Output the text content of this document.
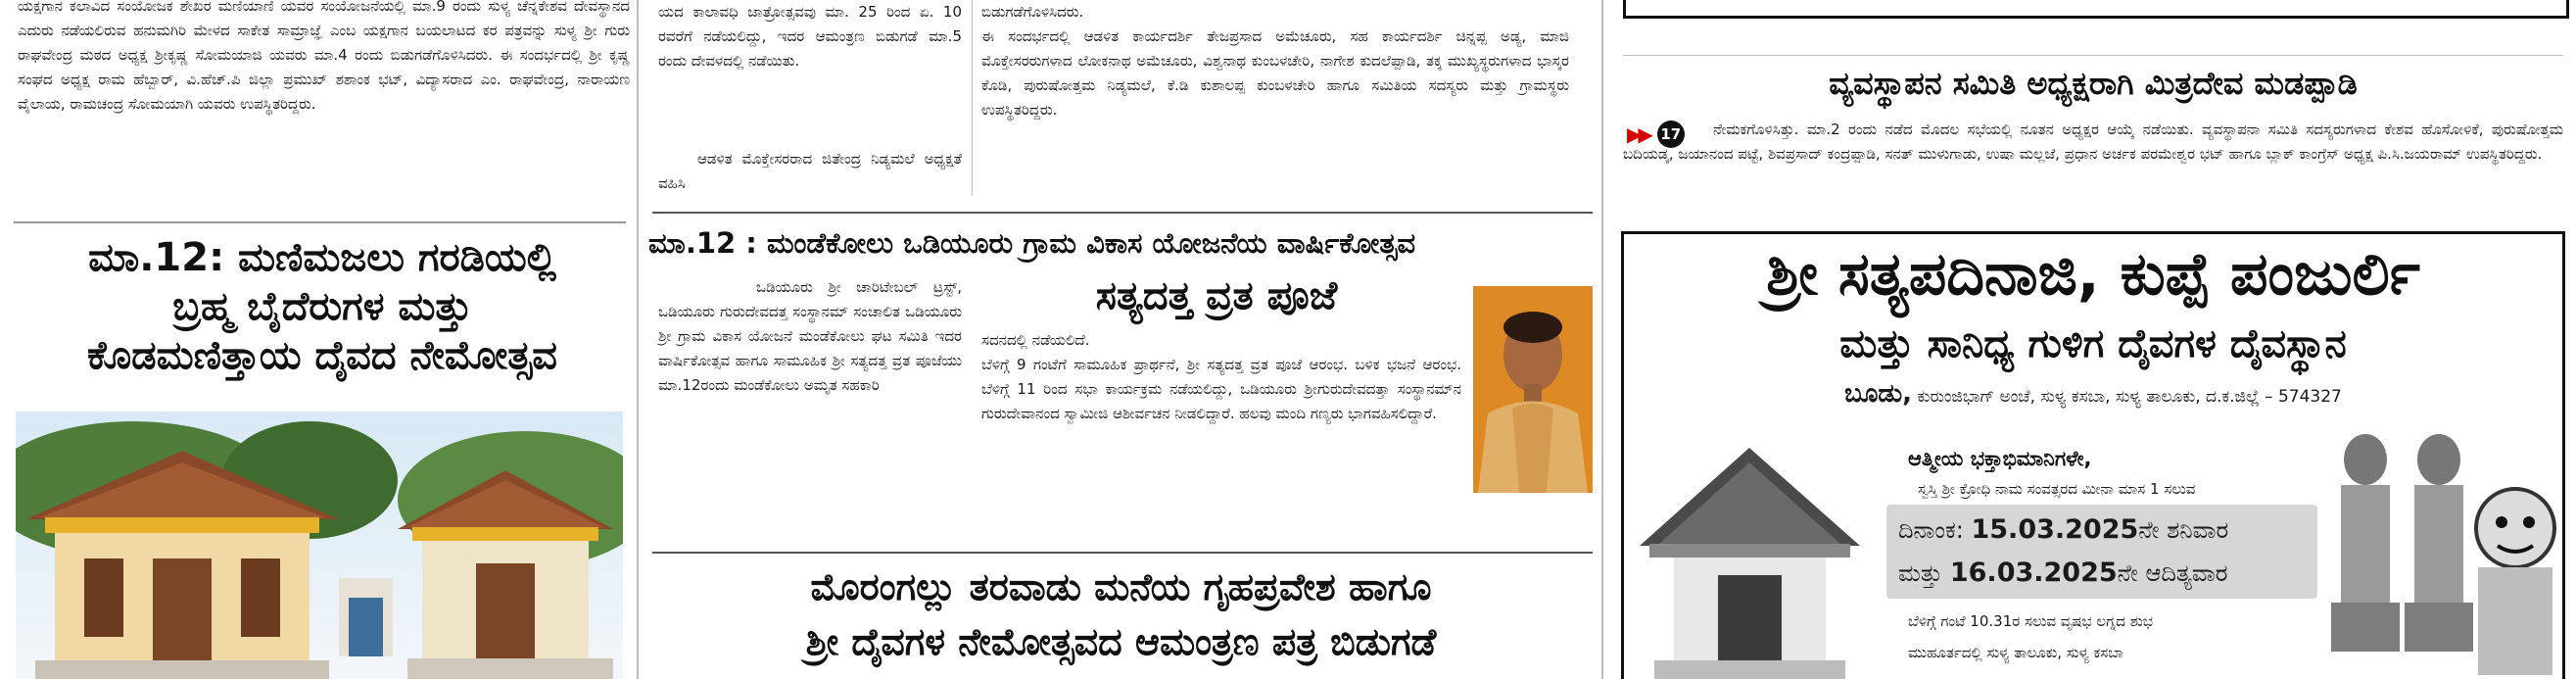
ಯಕ್ಷಗಾನ ಕಲಾವಿದ ಸಂಯೋಜಕ ಶೇಖರ ಮಣಿಯಾಣಿ ಯವರ ಸಂಯೋಜನೆಯಲ್ಲಿ ಮಾ.9 ರಂದು ಸುಳ್ಯ ಚೆನ್ನಕೇಶವ ದೇವಸ್ಥಾನದ ಎದುರು ನಡೆಯಲಿರುವ ಹನುಮಗಿರಿ ಮೇಳದ ಸಾಕೇತ ಸಾಮ್ರಾಜ್ಞೆ ಎಂಬ ಯಕ್ಷಗಾನ ಬಯಲಾಟದ ಕರ ಪತ್ರವನ್ನು ಸುಳ್ಯ ಶ್ರೀ ಗುರು ರಾಘವೇಂದ್ರ ಮಠದ ಅಧ್ಯಕ್ಷ ಶ್ರೀಕೃಷ್ಣ ಸೋಮಯಾಜಿ ಯವರು ಮಾ.4 ರಂದು ಬಿಡುಗಡೆಗೊಳಿಸಿದರು. ಈ ಸಂದರ್ಭದಲ್ಲಿ ಶ್ರೀ ಕೃಷ್ಣ ಸಂಘದ ಅಧ್ಯಕ್ಷ ರಾಮ ಹೆಬ್ಬಾರ್, ವಿ.ಹೆಚ್.ಪಿ ಜಿಲ್ಲಾ ಪ್ರಮುಖ್ ಶಶಾಂಕ ಭಟ್, ವಿದ್ಯಾಸರಾದ ಎಂ. ರಾಘವೇಂದ್ರ, ನಾರಾಯಣ ವೈಲಾಯ, ರಾಮಚಂದ್ರ ಸೋಮಯಾಗಿ ಯವರು ಉಪಸ್ಥಿತರಿದ್ದರು.

ಮಾ.12: ಮಣಿಮಜಲು ಗರಡಿಯಲ್ಲಿ

ಬ್ರಹ್ಮ ಬೈದೆರುಗಳ ಮತ್ತು

ಕೊಡಮಣಿತ್ತಾಯ ದೈವದ ನೇಮೋತ್ಸವ

ಯದ ಕಾಲಾವಧಿ ಜಾತ್ರೋತ್ಸವವು ಮಾ. 25 ರಿಂದ ಏ. 10 ರವರೆಗೆ ನಡೆಯಲಿದ್ದು, ಇದರ ಆಮಂತ್ರಣ ಬಿಡುಗಡೆ ಮಾ.5 ರಂದು ದೇವಳದಲ್ಲಿ ನಡೆಯಿತು.

ಆಡಳಿತ ಮೊಕ್ತೇಸರರಾದ ಜಿತೇಂದ್ರ ನಿಡ್ಯಮಲೆ ಅಧ್ಯಕ್ಷತೆ ವಹಿಸಿ

ಬಿಡುಗಡೆಗೊಳಿಸಿದರು.
ಈ ಸಂದರ್ಭದಲ್ಲಿ ಆಡಳಿತ ಕಾರ್ಯದರ್ಶಿ ತೇಜಪ್ರಸಾದ ಅಮೆಚೂರು, ಸಹ ಕಾರ್ಯದರ್ಶಿ ಚಿನ್ನಪ್ಪ ಅಡ್ಯ, ಮಾಜಿ ಮೊಕ್ತೇಸರರುಗಳಾದ ಲೋಕನಾಥ ಅಮೆಚೂರು, ವಿಶ್ವನಾಥ ಕುಂಬಳಚೇರಿ, ನಾಗೇಶ ಕುದಲೆಪ್ಪಾಡಿ, ತಕ್ಕ ಮುಖ್ಯಸ್ಥರುಗಳಾದ ಭಾಸ್ಕರ ಕೊಡಿ, ಪುರುಷೋತ್ತಮ ನಿಡ್ಯಮಲೆ, ಕೆ.ಡಿ ಕುಶಾಲಪ್ಪ ಕುಂಬಳಚೇರಿ ಹಾಗೂ ಸಮಿತಿಯ ಸದಸ್ಯರು ಮತ್ತು ಗ್ರಾಮಸ್ಥರು ಉಪಸ್ಥಿತರಿದ್ದರು.

ಮಾ.12 : ಮಂಡೆಕೋಲು ಒಡಿಯೂರು ಗ್ರಾಮ ವಿಕಾಸ ಯೋಜನೆಯ ವಾರ್ಷಿಕೋತ್ಸವ

ಸತ್ಯದತ್ತ ವ್ರತ ಪೂಜೆ

ಒಡಿಯೂರು ಶ್ರೀ ಚಾರಿಟೇಬಲ್ ಟ್ರಸ್ಟ್, ಒಡಿಯೂರು ಗುರುದೇವದತ್ತ ಸಂಸ್ಥಾನಮ್ ಸಂಚಾಲಿತ ಒಡಿಯೂರು ಶ್ರೀ ಗ್ರಾಮ ವಿಕಾಸ ಯೋಜನೆ ಮಂಡೆಕೋಲು ಘಟ ಸಮಿತಿ ಇದರ ವಾರ್ಷಿಕೋತ್ಸವ ಹಾಗೂ ಸಾಮೂಹಿಕ ಶ್ರೀ ಸತ್ಯದತ್ತ ವ್ರತ ಪೂಜೆಯು ಮಾ.12ರಂದು ಮಂಡೆಕೋಲು ಅಮೃತ ಸಹಕಾರಿ

ಸದನದಲ್ಲಿ ನಡೆಯಲಿದೆ.
ಬೆಳಿಗ್ಗೆ 9 ಗಂಟೆಗೆ ಸಾಮೂಹಿಕ ಪ್ರಾರ್ಥನೆ, ಶ್ರೀ ಸತ್ಯದತ್ತ ವ್ರತ ಪೂಜೆ ಆರಂಭ. ಬಳಿಕ ಭಜನೆ ಆರಂಭ. ಬೆಳಿಗ್ಗೆ 11 ರಿಂದ ಸಭಾ ಕಾರ್ಯಕ್ರಮ ನಡೆಯಲಿದ್ದು, ಒಡಿಯೂರು ಶ್ರೀಗುರುದೇವದತ್ತಾ ಸಂಸ್ಥಾನಮ್‌ನ ಗುರುದೇವಾನಂದ ಸ್ವಾಮೀಜಿ ಆಶೀರ್ವಚನ ನೀಡಲಿದ್ದಾರೆ. ಹಲವು ಮಂದಿ ಗಣ್ಯರು ಭಾಗವಹಿಸಲಿದ್ದಾರೆ.

ಮೊರಂಗಲ್ಲು ತರವಾಡು ಮನೆಯ ಗೃಹಪ್ರವೇಶ ಹಾಗೂ

ಶ್ರೀ ದೈವಗಳ ನೇಮೋತ್ಸವದ ಆಮಂತ್ರಣ ಪತ್ರ ಬಿಡುಗಡೆ

ವ್ಯವಸ್ಥಾಪನ ಸಮಿತಿ ಅಧ್ಯಕ್ಷರಾಗಿ ಮಿತ್ರದೇವ ಮಡಪ್ಪಾಡಿ

▶▶ 17	ನೇಮಕಗೊಳಿಸಿತ್ತು. ಮಾ.2 ರಂದು ನಡೆದ ಮೊದಲ ಸಭೆಯಲ್ಲಿ ನೂತನ ಅಧ್ಯಕ್ಷರ ಆಯ್ಕೆ ನಡೆಯಿತು. ವ್ಯವಸ್ಥಾಪನಾ ಸಮಿತಿ ಸದಸ್ಯರುಗಳಾದ ಕೇಶವ ಹೊಸೋಳಿಕೆ, ಪುರುಷೋತ್ತಮ ಬದಿಯಡ್ಕ, ಜಯಾನಂದ ಪಟ್ಟೆ, ಶಿವಪ್ರಸಾದ್ ಕಂದ್ರಪ್ಪಾಡಿ, ಸನತ್ ಮುಳುಗಾಡು, ಉಷಾ ಮಲ್ಲಜೆ, ಪ್ರಧಾನ ಅರ್ಚಕ ಪರಮೇಶ್ವರ ಭಟ್ ಹಾಗೂ ಬ್ಲಾಕ್ ಕಾಂಗ್ರೆಸ್ ಅಧ್ಯಕ್ಷ ಪಿ.ಸಿ.ಜಯರಾಮ್ ಉಪಸ್ಥಿತರಿದ್ದರು.

ಶ್ರೀ ಸತ್ಯಪದಿನಾಜಿ, ಕುಪ್ಪೆ ಪಂಜುರ್ಲಿ

ಮತ್ತು ಸಾನಿಧ್ಯ ಗುಳಿಗ ದೈವಗಳ ದೈವಸ್ಥಾನ

ಬೂಡು, ಕುರುಂಜಿಭಾಗ್ ಅಂಚೆ, ಸುಳ್ಯ ಕಸಬಾ, ಸುಳ್ಯ ತಾಲೂಕು, ದ.ಕ.ಜಿಲ್ಲೆ – 574327

ಆತ್ಮೀಯ ಭಕ್ತಾಭಿಮಾನಿಗಳೇ,

ಸ್ವಸ್ತಿ ಶ್ರೀ ಕ್ರೋಧಿ ನಾಮ ಸಂವತ್ಸರದ ಮೀನಾ ಮಾಸ 1 ಸಲುವ

ದಿನಾಂಕ: 15.03.2025ನೇ ಶನಿವಾರ
ಮತ್ತು 16.03.2025ನೇ ಆದಿತ್ಯವಾರ

ಬೆಳಿಗ್ಗೆ ಗಂಟೆ 10.31ರ ಸಲುವ ವೃಷಭ ಲಗ್ನದ ಶುಭ

ಮುಹೂರ್ತದಲ್ಲಿ ಸುಳ್ಯ ತಾಲೂಕು, ಸುಳ್ಯ ಕಸಬಾ
